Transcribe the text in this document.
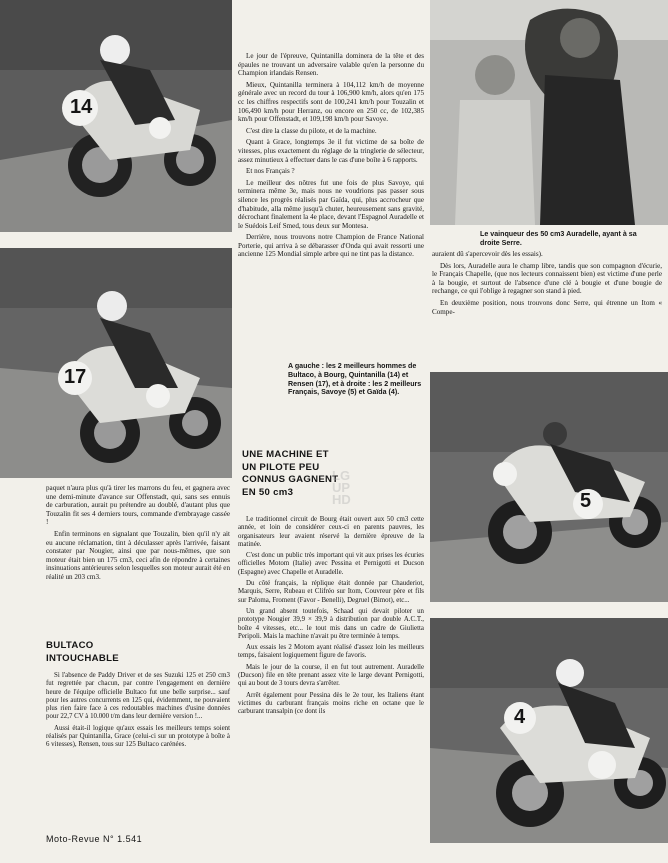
14
17
5
4

Le jour de l'épreuve, Quintanilla dominera de la tête et des épaules ne trouvant un adversaire valable qu'en la personne du Champion irlandais Rensen.

Mieux, Quintanilla terminera à 104,112 km/h de moyenne générale avec un record du tour à 106,900 km/h, alors qu'en 175 cc les chiffres respectifs sont de 100,241 km/h pour Touzalin et 106,490 km/h pour Herranz, ou encore en 250 cc, de 102,385 km/h pour Offenstadt, et 109,198 km/h pour Savoye.

C'est dire la classe du pilote, et de la machine.

Quant à Grace, longtemps 3e il fut victime de sa boîte de vitesses, plus exactement du réglage de la tringlerie de sélecteur, assez minutieux à effectuer dans le cas d'une boîte à 6 rapports.

Et nos Français ?

Le meilleur des nôtres fut une fois de plus Savoye, qui terminera même 3e, mais nous ne voudrions pas passer sous silence les progrès réalisés par Gaïda, qui, plus accrocheur que d'habitude, alla même jusqu'à chuter, heureusement sans gravité, décrochant finalement la 4e place, devant l'Espagnol Auradelle et le Suédois Leif Smed, tous deux sur Montesa.

Derrière, nous trouvons notre Champion de France National Porterie, qui arriva à se débarasser d'Onda qui avait ressorti une ancienne 125 Mondial simple arbre qui ne tint pas la distance.

A gauche : les 2 meilleurs hommes de Bultaco, à Bourg, Quintanilla (14) et Rensen (17), et à droite : les 2 meilleurs Français, Savoye (5) et Gaïda (4).
Le vainqueur des 50 cm3 Auradelle, ayant à sa droite Serre.

auraient dû s'apercevoir dès les essais).

Dès lors, Auradelle aura le champ libre, tandis que son compagnon d'écurie, le Français Chapelle, (que nos lecteurs connaissent bien) est victime d'une perle à la bougie, et surtout de l'absence d'une clé à bougie et d'une bougie de rechange, ce qui l'oblige à regagner son stand à pied.

En deuxième position, nous trouvons donc Serre, qui étrenne un Itom « Compe-

UNE MACHINE ET
UN PILOTE PEU
CONNUS GAGNENT
EN 50 cm3
LG
UP
HD

Le traditionnel circuit de Bourg était ouvert aux 50 cm3 cette année, et loin de considérer ceux-ci en parents pauvres, les organisateurs leur avaient réservé la dernière épreuve de la matinée.

C'est donc un public très important qui vit aux prises les écuries officielles Motom (Italie) avec Pessina et Pernigotti et Ducson (Espagne) avec Chapelle et Auradelle.

Du côté français, la réplique était donnée par Chauderiot, Marquis, Serre, Rubeau et Clifréo sur Itom, Couvreur père et fils sur Paloma, Froment (Favor - Benelli), Degruel (Bimot), etc...

Un grand absent toutefois, Schaad qui devait piloter un prototype Nougier 39,9 × 39,9 à distribution par double A.C.T., boîte 4 vitesses, etc... le tout mis dans un cadre de Giulietta Peripoli. Mais la machine n'avait pu être terminée à temps.

Aux essais les 2 Motom ayant réalisé d'assez loin les meilleurs temps, faisaient logiquement figure de favoris.

Mais le jour de la course, il en fut tout autrement. Auradelle (Ducson) file en tête prenant assez vite le large devant Pernigotti, qui au bout de 3 tours devra s'arrêter.

Arrêt également pour Pessina dès le 2e tour, les Italiens étant victimes du carburant français moins riche en octane que le carburant transalpin (ce dont ils

paquet n'aura plus qu'à tirer les marrons du feu, et gagnera avec une demi-minute d'avance sur Offenstadt, qui, sans ses ennuis de carburation, aurait pu prétendre au doublé, d'autant plus que Touzalin fit ses 4 derniers tours, commande d'embrayage cassée !

Enfin terminons en signalant que Touzalin, bien qu'il n'y ait eu aucune réclamation, tint à déculasser après l'arrivée, faisant constater par Nougier, ainsi que par nous-mêmes, que son moteur était bien un 175 cm3, ceci afin de répondre à certaines insinuations antérieures selon lesquelles son moteur aurait été en réalité un 203 cm3.

BULTACO
INTOUCHABLE

Si l'absence de Paddy Driver et de ses Suzuki 125 et 250 cm3 fut regrettée par chacun, par contre l'engagement en dernière heure de l'équipe officielle Bultaco fut une belle surprise... sauf pour les autres concurrents en 125 qui, évidemment, ne pouvaient plus rien faire face à ces redoutables machines d'usine données pour 22,7 CV à 10.000 t/m dans leur dernière version !...

Aussi était-il logique qu'aux essais les meilleurs temps soient réalisés par Quintanilla, Grace (celui-ci sur un prototype à boîte à 6 vitesses), Rensen, tous sur 125 Bultaco carénées.

Moto-Revue N° 1.541
